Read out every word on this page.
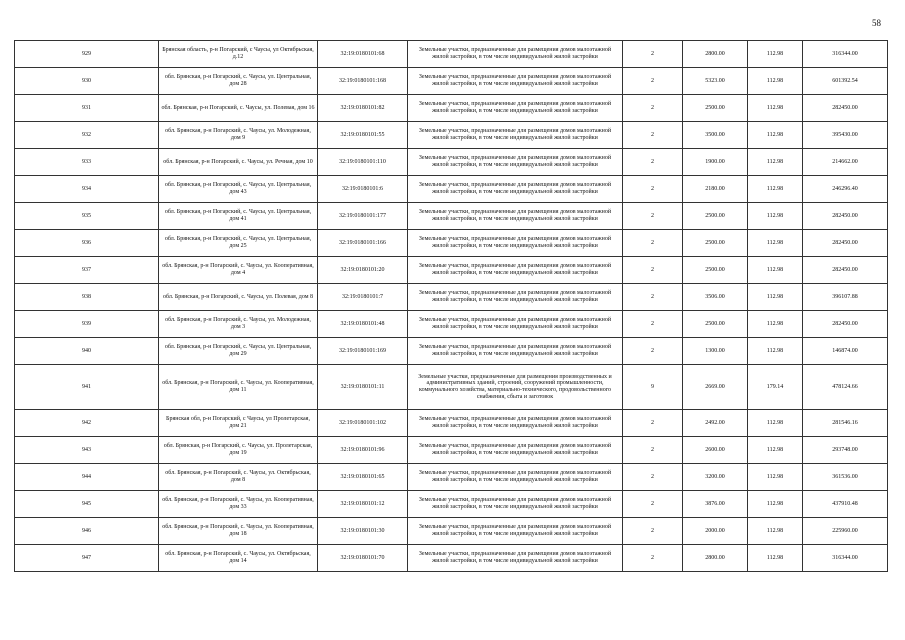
58
929	Брянская область, р-н Погарский, с Чаусы, ул Октябрьская, д.12	32:19:0180101:68	Земельные участки, предназначенные для размещения домов малоэтажной жилой застройки, в том числе индивидуальной жилой застройки	2	2800.00	112.98	316344.00
930	обл. Брянская, р-н Погарский, с. Чаусы, ул. Центральная, дом 28	32:19:0180101:168	Земельные участки, предназначенные для размещения домов малоэтажной жилой застройки, в том числе индивидуальной жилой застройки	2	5323.00	112.98	601392.54
931	обл. Брянская, р-н Погарский, с. Чаусы, ул. Полевая, дом 16	32:19:0180101:82	Земельные участки, предназначенные для размещения домов малоэтажной жилой застройки, в том числе индивидуальной жилой застройки	2	2500.00	112.98	282450.00
932	обл. Брянская, р-н Погарский, с. Чаусы, ул. Молодежная, дом 9	32:19:0180101:55	Земельные участки, предназначенные для размещения домов малоэтажной жилой застройки, в том числе индивидуальной жилой застройки	2	3500.00	112.98	395430.00
933	обл. Брянская, р-н Погарский, с. Чаусы, ул. Речная, дом 10	32:19:0180101:110	Земельные участки, предназначенные для размещения домов малоэтажной жилой застройки, в том числе индивидуальной жилой застройки	2	1900.00	112.98	214662.00
934	обл. Брянская, р-н Погарский, с. Чаусы, ул. Центральная, дом 43	32:19:0180101:6	Земельные участки, предназначенные для размещения домов малоэтажной жилой застройки, в том числе индивидуальной жилой застройки	2	2180.00	112.98	246296.40
935	обл. Брянская, р-н Погарский, с. Чаусы, ул. Центральная, дом 41	32:19:0180101:177	Земельные участки, предназначенные для размещения домов малоэтажной жилой застройки, в том числе индивидуальной жилой застройки	2	2500.00	112.98	282450.00
936	обл. Брянская, р-н Погарский, с. Чаусы, ул. Центральная, дом 25	32:19:0180101:166	Земельные участки, предназначенные для размещения домов малоэтажной жилой застройки, в том числе индивидуальной жилой застройки	2	2500.00	112.98	282450.00
937	обл. Брянская, р-н Погарский, с. Чаусы, ул. Кооперативная, дом 4	32:19:0180101:20	Земельные участки, предназначенные для размещения домов малоэтажной жилой застройки, в том числе индивидуальной жилой застройки	2	2500.00	112.98	282450.00
938	обл. Брянская, р-н Погарский, с. Чаусы, ул. Полевая, дом 8	32:19:0180101:7	Земельные участки, предназначенные для размещения домов малоэтажной жилой застройки, в том числе индивидуальной жилой застройки	2	3506.00	112.98	396107.88
939	обл. Брянская, р-н Погарский, с. Чаусы, ул. Молодежная, дом 3	32:19:0180101:48	Земельные участки, предназначенные для размещения домов малоэтажной жилой застройки, в том числе индивидуальной жилой застройки	2	2500.00	112.98	282450.00
940	обл. Брянская, р-н Погарский, с. Чаусы, ул. Центральная, дом 29	32:19:0180101:169	Земельные участки, предназначенные для размещения домов малоэтажной жилой застройки, в том числе индивидуальной жилой застройки	2	1300.00	112.98	146874.00
941	обл. Брянская, р-н Погарский, с. Чаусы, ул. Кооперативная, дом 11	32:19:0180101:11	Земельные участки, предназначенные для размещения производственных и административных зданий, строений, сооружений промышленности, коммунального хозяйства, материально-технического, продовольственного снабжения, сбыта и заготовок	9	2669.00	179.14	478124.66
942	Брянская обл, р-н Погарский, с Чаусы, ул Пролетарская, дом 21	32:19:0180101:102	Земельные участки, предназначенные для размещения домов малоэтажной жилой застройки, в том числе индивидуальной жилой застройки	2	2492.00	112.98	281546.16
943	обл. Брянская, р-н Погарский, с. Чаусы, ул. Пролетарская, дом 19	32:19:0180101:96	Земельные участки, предназначенные для размещения домов малоэтажной жилой застройки, в том числе индивидуальной жилой застройки	2	2600.00	112.98	293748.00
944	обл. Брянская, р-н Погарский, с. Чаусы, ул. Октябрьская, дом 8	32:19:0180101:65	Земельные участки, предназначенные для размещения домов малоэтажной жилой застройки, в том числе индивидуальной жилой застройки	2	3200.00	112.98	361536.00
945	обл. Брянская, р-н Погарский, с. Чаусы, ул. Кооперативная, дом 33	32:19:0180101:12	Земельные участки, предназначенные для размещения домов малоэтажной жилой застройки, в том числе индивидуальной жилой застройки	2	3876.00	112.98	437910.48
946	обл. Брянская, р-н Погарский, с. Чаусы, ул. Кооперативная, дом 18	32:19:0180101:30	Земельные участки, предназначенные для размещения домов малоэтажной жилой застройки, в том числе индивидуальной жилой застройки	2	2000.00	112.98	225960.00
947	обл. Брянская, р-н Погарский, с. Чаусы, ул. Октябрьская, дом 14	32:19:0180101:70	Земельные участки, предназначенные для размещения домов малоэтажной жилой застройки, в том числе индивидуальной жилой застройки	2	2800.00	112.98	316344.00
